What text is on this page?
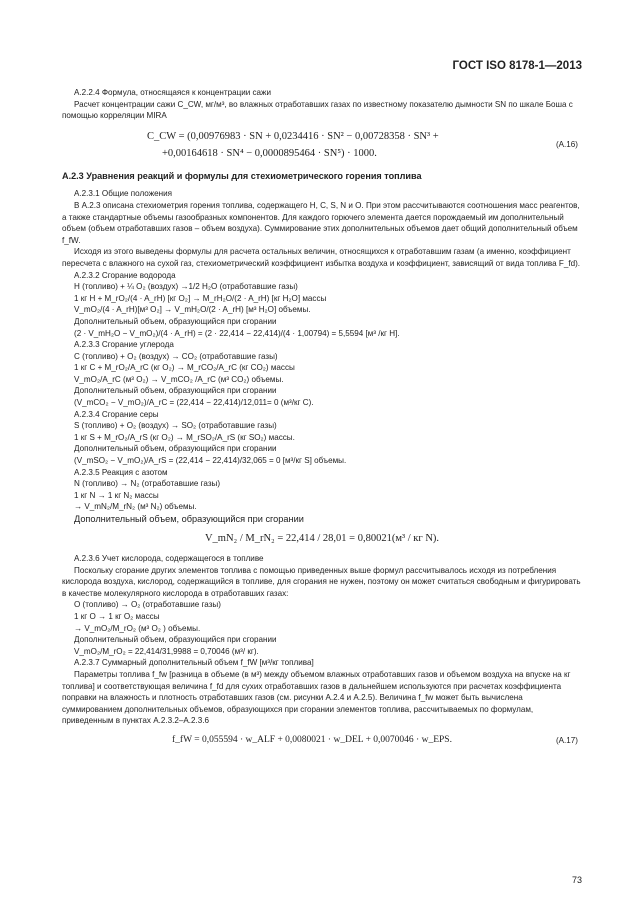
ГОСТ ISO 8178-1—2013

A.2.2.4 Формула, относящаяся к концентрации сажи

Расчет концентрации сажи C_CW, мг/м³, во влажных отработавших газах по известному показателю дымности SN по шкале Боша с помощью корреляции MIRA

C_CW = (0,00976983 · SN + 0,0234416 · SN² − 0,00728358 · SN³ +
+0,00164618 · SN⁴ − 0,0000895464 · SN⁵) · 1000.
(A.16)

A.2.3 Уравнения реакций и формулы для стехиометрического горения топлива

A.2.3.1 Общие положения

В A.2.3 описана стехиометрия горения топлива, содержащего H, C, S, N и O. При этом рассчитываются соотношения масс реагентов, а также стандартные объемы газообразных компонентов. Для каждого горючего элемента дается порождаемый им дополнительный объем (объем отработавших газов – объем воздуха). Суммирование этих дополнительных объемов дает общий дополнительный объем f_fW.

Исходя из этого выведены формулы для расчета остальных величин, относящихся к отработавшим газам (а именно, коэффициент пересчета с влажного на сухой газ, стехиометрический коэффициент избытка воздуха и коэффициент, зависящий от вида топлива F_fd).

A.2.3.2 Сгорание водорода

H (топливо) + ¼ O₂ (воздух) →1/2 H₂O (отработавшие газы)

1 кг H + M_rO₂/(4 · A_rH) [кг O₂] → M_rH₂O/(2 · A_rH) [кг H₂O] массы

V_mO₂/(4 · A_rH)[м³ O₂] → V_mH₂O/(2 · A_rH) [м³ H₂O] объемы.

Дополнительный объем, образующийся при сгорании

(2 · V_mH₂O − V_mO₂)/(4 · A_rH) = (2 · 22,414 − 22,414)/(4 · 1,00794) = 5,5594 [м³ /кг H].

A.2.3.3 Сгорание углерода

C (топливо) + O₂ (воздух) → CO₂ (отработавшие газы)

1 кг C + M_rO₂/A_rC (кг O₂) → M_rCO₂/A_rC (кг CO₂) массы

V_mO₂/A_rC (м³ O₂) → V_mCO₂ /A_rC (м³ CO₂) объемы.

Дополнительный объем, образующийся при сгорании

(V_mCO₂ − V_mO₂)/A_rC = (22,414 − 22,414)/12,011= 0 (м³/кг C).

A.2.3.4 Сгорание серы

S (топливо) + O₂ (воздух) → SO₂ (отработавшие газы)

1 кг S + M_rO₂/A_rS (кг O₂) → M_rSO₂/A_rS (кг SO₂) массы.

Дополнительный объем, образующийся при сгорании

(V_mSO₂ − V_mO₂)/A_rS = (22,414 − 22,414)/32,065 = 0 [м³/кг S] объемы.

A.2.3.5 Реакция с азотом

N (топливо) → N₂ (отработавшие газы)

1 кг N → 1 кг N₂ массы

→ V_mN₂/M_rN₂ (м³ N₂) объемы.

Дополнительный объем, образующийся при сгорании

V_mN₂ / M_rN₂ = 22,414 / 28,01 = 0,80021(м³ / кг N).

A.2.3.6 Учет кислорода, содержащегося в топливе

Поскольку сгорание других элементов топлива с помощью приведенных выше формул рассчитывалось исходя из потребления кислорода воздуха, кислород, содержащийся в топливе, для сгорания не нужен, поэтому он может считаться свободным и фигурировать в качестве молекулярного кислорода в отработавших газах:

O (топливо) → O₂ (отработавшие газы)

1 кг O → 1 кг O₂ массы

→ V_mO₂/M_rO₂ (м³ O₂ ) объемы.

Дополнительный объем, образующийся при сгорании

V_mO₂/M_rO₂ = 22,414/31,9988 = 0,70046 (м³/ кг).

A.2.3.7 Суммарный дополнительный объем f_fW [м³/кг топлива]

Параметры топлива f_fw [разница в объеме (в м³) между объемом влажных отработавших газов и объемом воздуха на впуске на кг топлива] и соответствующая величина f_fd для сухих отработавших газов в дальнейшем используются при расчетах коэффициента поправки на влажность и плотность отработавших газов (см. рисунки A.2.4 и A.2.5). Величина f_fw может быть вычислена суммированием дополнительных объемов, образующихся при сгорании элементов топлива, рассчитываемых по формулам, приведенным в пунктах A.2.3.2–A.2.3.6

f_fW = 0,055594 · w_ALF + 0,0080021 · w_DEL + 0,0070046 · w_EPS.	(A.17)
73
